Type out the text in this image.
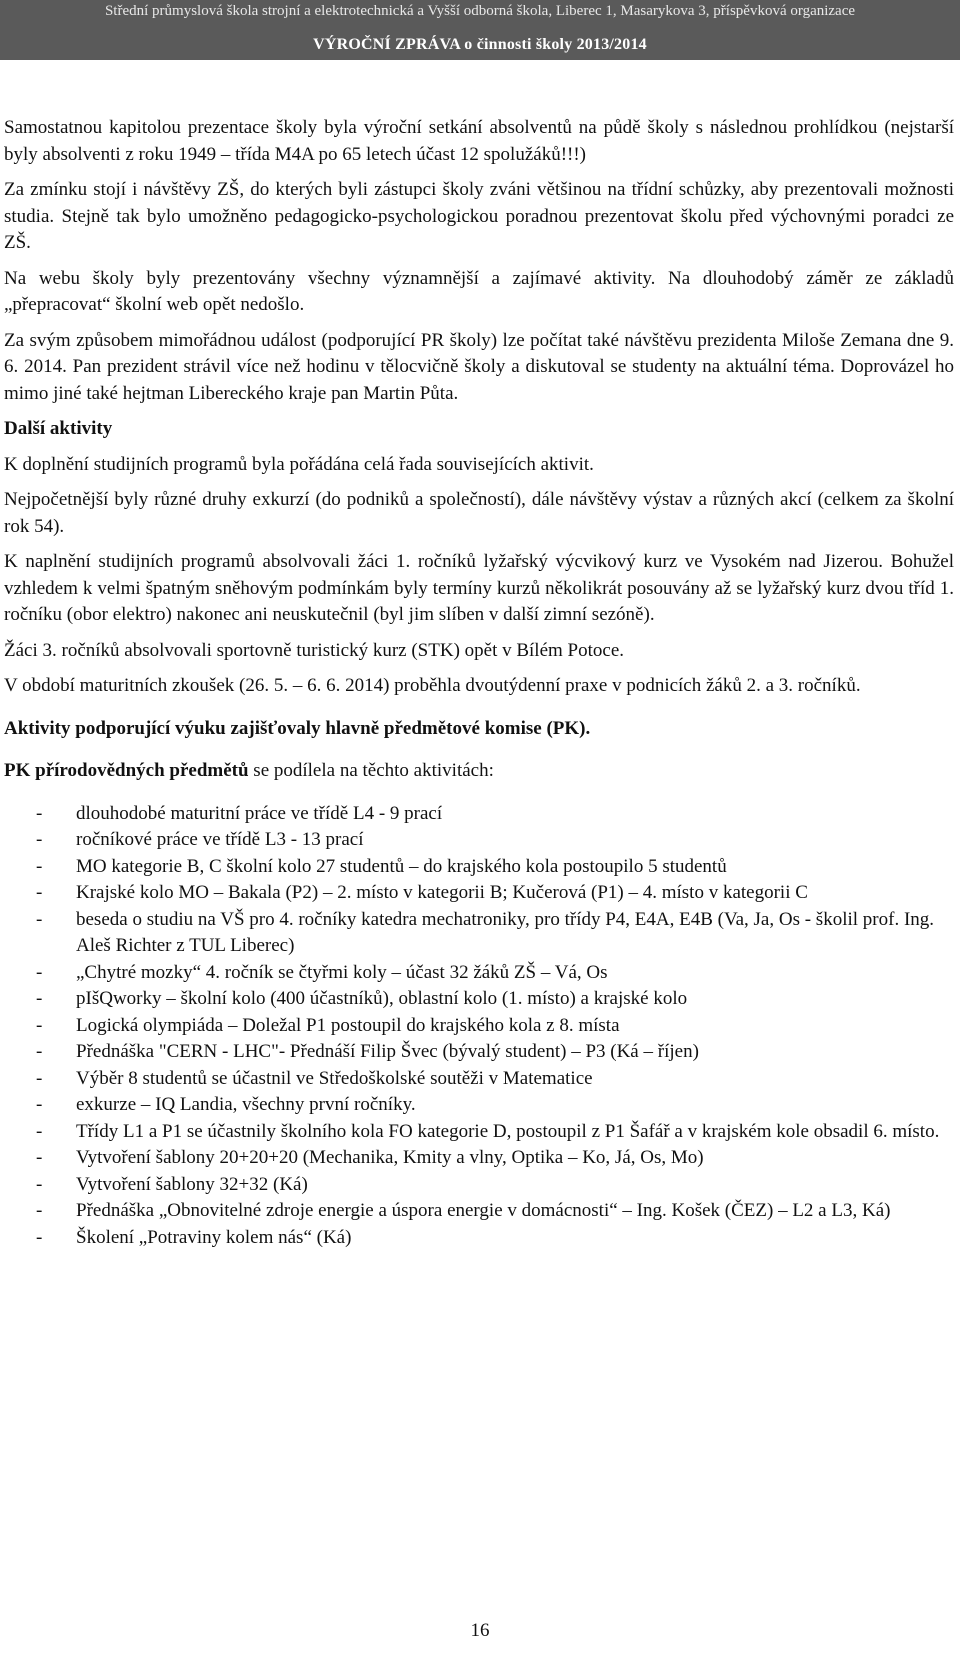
Střední průmyslová škola strojní a elektrotechnická a Vyšší odborná škola, Liberec 1, Masarykova 3, příspěvková organizace
VÝROČNÍ ZPRÁVA o činnosti školy 2013/2014

Samostatnou kapitolou prezentace školy byla výroční setkání absolventů na půdě školy s následnou prohlídkou (nejstarší byly absolventi z roku 1949 – třída M4A po 65 letech účast 12 spolužáků!!!)

Za zmínku stojí i návštěvy ZŠ, do kterých byli zástupci školy zváni většinou na třídní schůzky, aby prezentovali možnosti studia. Stejně tak bylo umožněno pedagogicko-psychologickou poradnou prezentovat školu před výchovnými poradci ze ZŠ.

Na webu školy byly prezentovány všechny významnější a zajímavé aktivity. Na dlouhodobý záměr ze základů „přepracovat“ školní web opět nedošlo.

Za svým způsobem mimořádnou událost (podporující PR školy) lze počítat také návštěvu prezidenta Miloše Zemana dne 9. 6. 2014. Pan prezident strávil více než hodinu v tělocvičně školy a diskutoval se studenty na aktuální téma. Doprovázel ho mimo jiné také hejtman Libereckého kraje pan Martin Půta.

Další aktivity

K doplnění studijních programů byla pořádána celá řada souvisejících aktivit.

Nejpočetnější byly různé druhy exkurzí (do podniků a společností), dále návštěvy výstav a různých akcí (celkem za školní rok 54).

K naplnění studijních programů absolvovali žáci 1. ročníků lyžařský výcvikový kurz ve Vysokém nad Jizerou. Bohužel vzhledem k velmi špatným sněhovým podmínkám byly termíny kurzů několikrát posouvány až se lyžařský kurz dvou tříd 1. ročníku (obor elektro) nakonec ani neuskutečnil (byl jim slíben v další zimní sezóně).

Žáci 3. ročníků absolvovali sportovně turistický kurz (STK) opět v Bílém Potoce.

V období maturitních zkoušek (26. 5. – 6. 6. 2014) proběhla dvoutýdenní praxe v podnicích žáků 2. a 3. ročníků.

Aktivity podporující výuku zajišťovaly hlavně předmětové komise (PK).

PK přírodovědných předmětů se podílela na těchto aktivitách:

- dlouhodobé maturitní práce ve třídě L4 - 9 prací
- ročníkové práce ve třídě L3 - 13 prací
- MO kategorie B, C školní kolo 27 studentů – do krajského kola postoupilo 5 studentů
- Krajské kolo MO – Bakala (P2) – 2. místo v kategorii B; Kučerová (P1) – 4. místo v kategorii C
- beseda o studiu na VŠ pro 4. ročníky katedra mechatroniky, pro třídy P4, E4A, E4B (Va, Ja, Os - školil prof. Ing. Aleš Richter z TUL Liberec)
- „Chytré mozky“ 4. ročník se čtyřmi koly – účast 32 žáků ZŠ – Vá, Os
- pIšQworky – školní kolo (400 účastníků), oblastní kolo (1. místo) a krajské kolo
- Logická olympiáda – Doležal P1 postoupil do krajského kola z 8. místa
- Přednáška "CERN - LHC"- Přednáší Filip Švec (bývalý student) – P3 (Ká – říjen)
- Výběr 8 studentů se účastnil ve Středoškolské soutěži v Matematice
- exkurze – IQ Landia, všechny první ročníky.
- Třídy L1 a P1 se účastnily školního kola FO kategorie D, postoupil z P1 Šafář a v krajském kole obsadil 6. místo.
- Vytvoření šablony 20+20+20 (Mechanika, Kmity a vlny, Optika – Ko, Já, Os, Mo)
- Vytvoření šablony 32+32 (Ká)
- Přednáška „Obnovitelné zdroje energie a úspora energie v domácnosti“ – Ing. Košek (ČEZ) – L2 a L3, Ká)
- Školení „Potraviny kolem nás“ (Ká)
16
